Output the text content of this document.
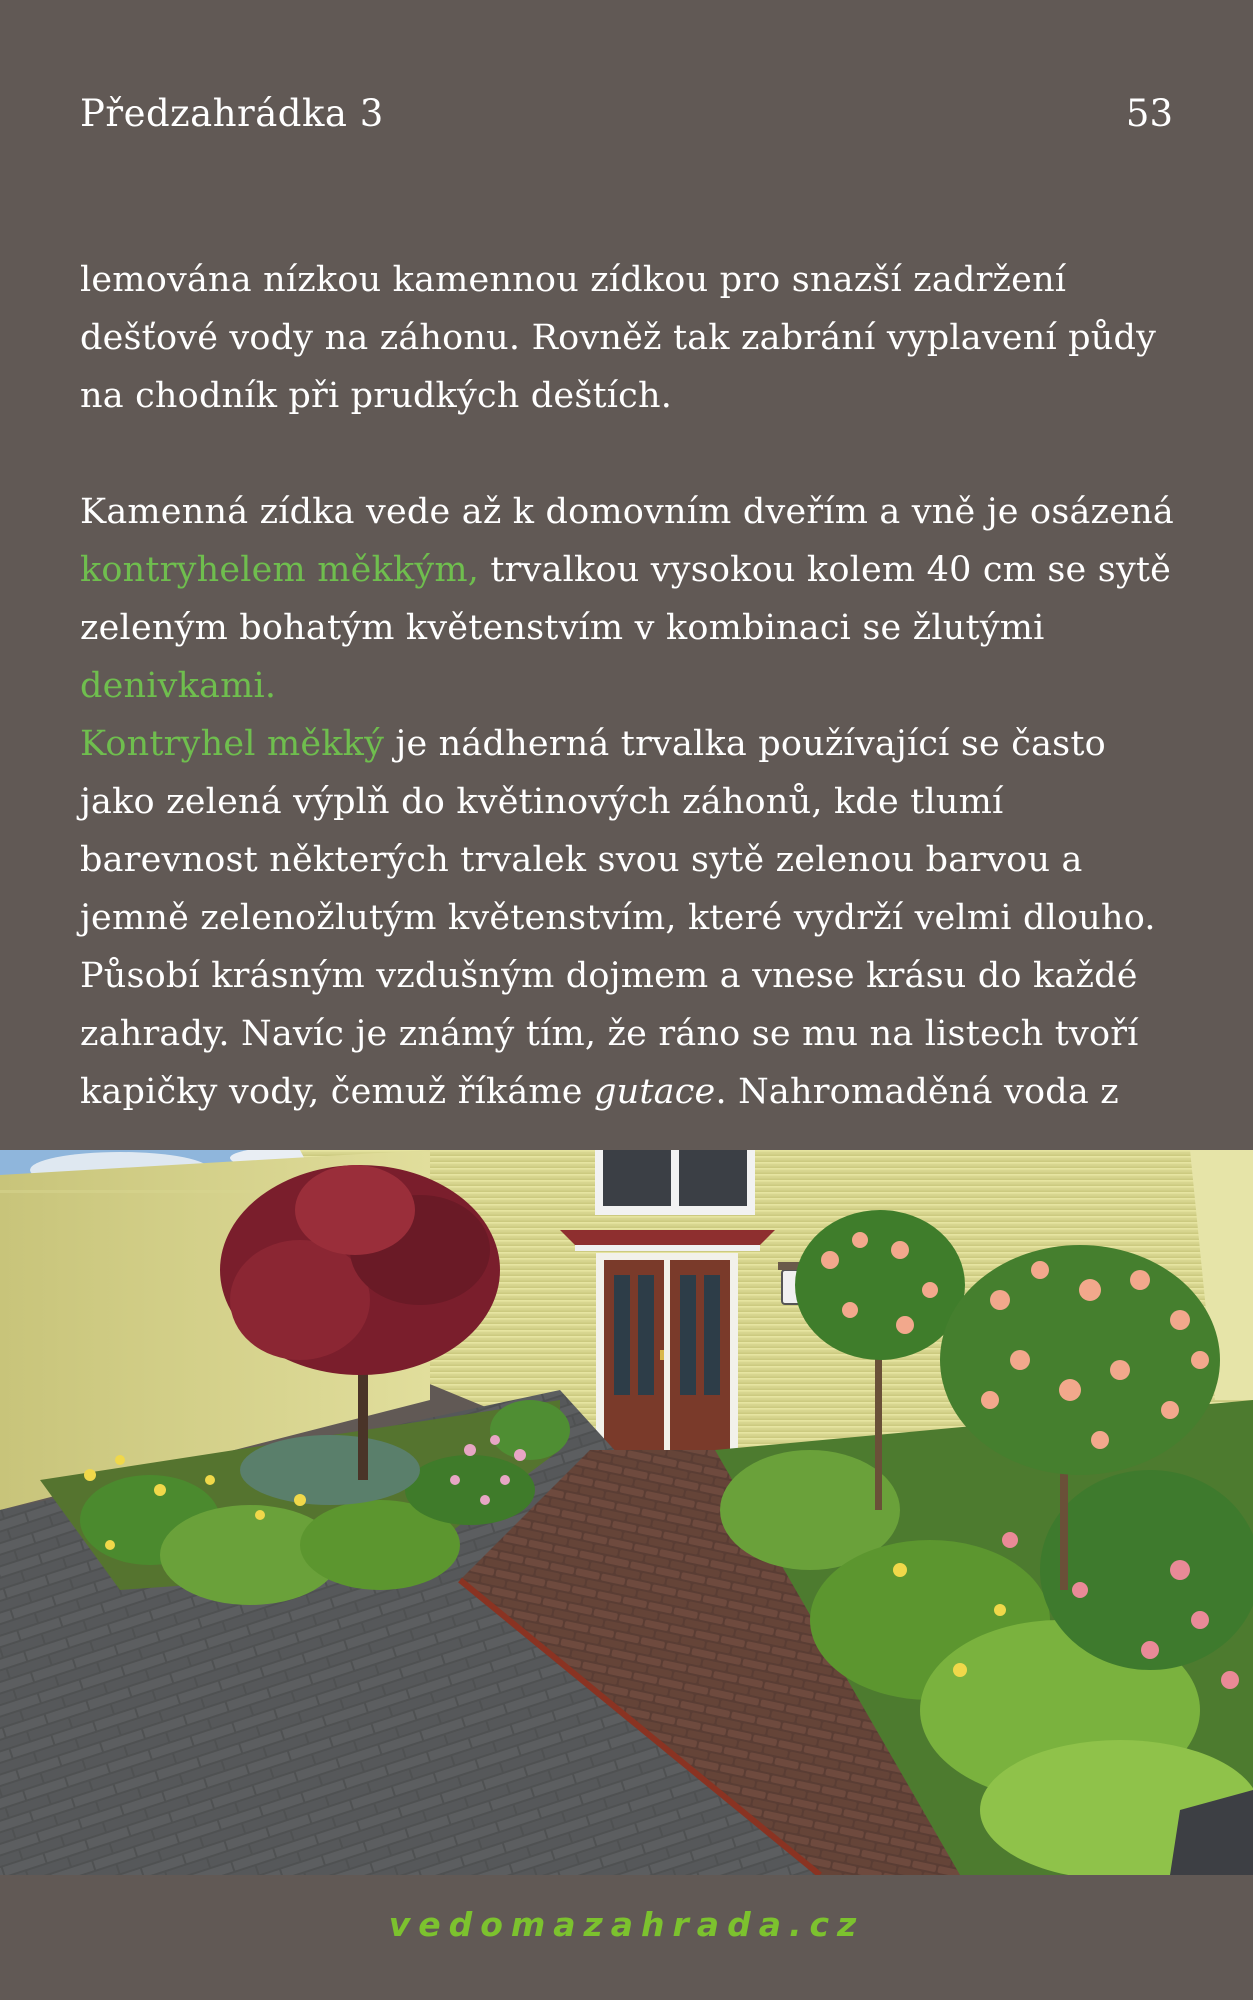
Předzahrádka 3	53

lemována nízkou kamennou zídkou pro snazší zadržení dešťové vody na záhonu. Rovněž tak zabrání vyplavení půdy na chodník při prudkých deštích.

Kamenná zídka vede až k domovním dveřím a vně je osázená kontryhelem měkkým, trvalkou vysokou kolem 40 cm se sytě zeleným bohatým květenstvím v kombinaci se žlutými denivkami.

Kontryhel měkký je nádherná trvalka používající se často jako zelená výplň do květinových záhonů, kde tlumí barevnost některých trvalek svou sytě zelenou barvou a jemně zelenožlutým květenstvím, které vydrží velmi dlouho. Působí krásným vzdušným dojmem a vnese krásu do každé zahrady. Navíc je známý tím, že ráno se mu na listech tvoří kapičky vody, čemuž říkáme gutace. Nahromaděná voda z

vedomazahrada.cz
